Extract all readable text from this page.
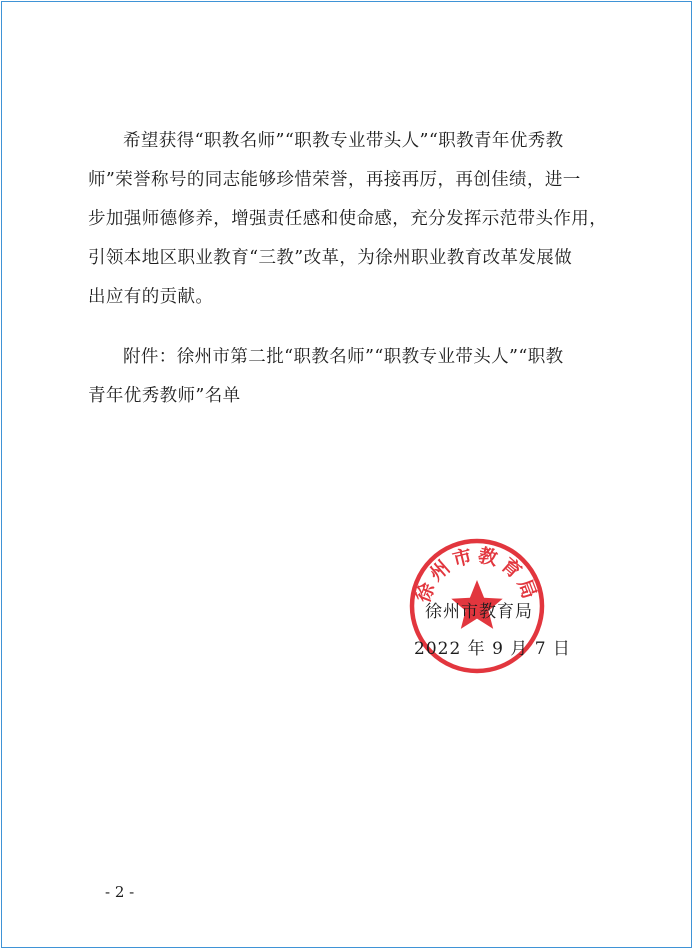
希望获得“职教名师”“职教专业带头人”“职教青年优秀教
师”荣誉称号的同志能够珍惜荣誉，再接再厉，再创佳绩，进一
步加强师德修养，增强责任感和使命感，充分发挥示范带头作用，
引领本地区职业教育“三教”改革，为徐州职业教育改革发展做
出应有的贡献。
附件：徐州市第二批“职教名师”“职教专业带头人”“职教
青年优秀教师”名单
徐州市教育局
徐州市教育局
2022 年 9 月 7 日
- 2 -
